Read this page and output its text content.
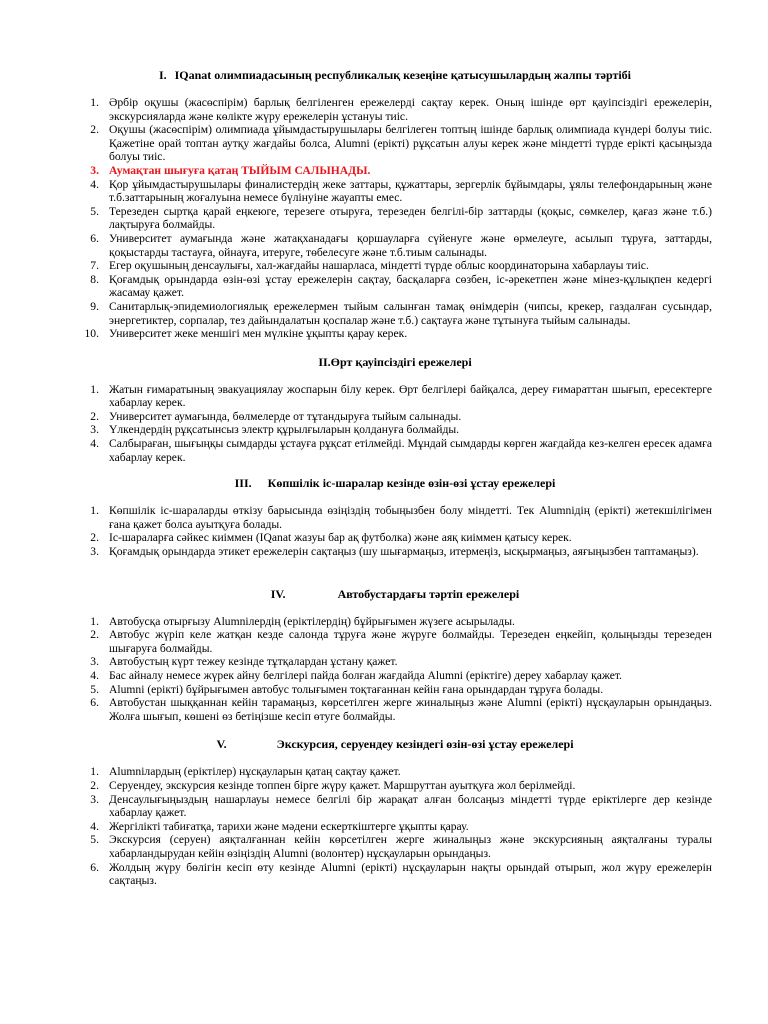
I. IQanat олимпиадасының республикалық кезеңіне қатысушылардың жалпы тәртібі
1. Әрбір оқушы (жасөспірім) барлық белгіленген ережелерді сақтау керек. Оның ішінде өрт қауіпсіздігі ережелерін, экскурсияларда және көлікте жүру ережелерін ұстануы тиіс.
2. Оқушы (жасөспірім) олимпиада ұйымдастырушылары белгілеген топтың ішінде барлық олимпиада күндері болуы тиіс. Қажетіне орай топтан аутқу жағдайы болса, Alumni (ерікті) рұқсатын алуы керек және міндетті түрде ерікті қасыңызда болуы тиіс.
3. Аумақтан шығуға қатаң ТЫЙЫМ САЛЫНАДЫ.
4. Қор ұйымдастырушылары финалистердің жеке заттары, құжаттары, зергерлік бұйымдары, ұялы телефондарының және т.б.заттарының жоғалуына немесе бүлінуіне жауапты емес.
5. Терезеден сыртқа қарай еңкеюге, терезеге отыруға, терезеден белгілі-бір заттарды (қоқыс, сөмкелер, қағаз және т.б.) лақтыруға болмайды.
6. Университет аумағында және жатақханадағы қоршауларға сүйенуге және өрмелеуге, асылып тұруға, заттарды, қоқыстарды тастауға, ойнауға, итеруге, төбелесуге және т.б.тиым салынады.
7. Егер оқушының денсаулығы, хал-жағдайы нашарласа, міндетті түрде облыс координаторына хабарлауы тиіс.
8. Қоғамдық орындарда өзін-өзі ұстау ережелерін сақтау, басқаларға сөзбен, іс-әрекетпен және мінез-құлықпен кедергі жасамау қажет.
9. Санитарлық-эпидемиологиялық ережелермен тыйым салынған тамақ өнімдерін (чипсы, крекер, газдалған сусындар, энергетиктер, сорпалар, тез дайындалатын қоспалар және т.б.) сақтауға және тұтынуға тыйым салынады.
10. Университет жеке меншігі мен мүлкіне ұқыпты қарау керек.
II. Өрт қауіпсіздігі ережелері
1. Жатын ғимаратының эвакуациялау жоспарын білу керек. Өрт белгілері байқалса, дереу ғимараттан шығып, ересектерге хабарлау керек.
2. Университет аумағында, бөлмелерде от тұтандыруға тыйым салынады.
3. Үлкендердің рұқсатынсыз электр құрылғыларын қолдануға болмайды.
4. Салбыраған, шығыңқы сымдарды ұстауға рұқсат етілмейді. Мұндай сымдарды көрген жағдайда кез-келген ересек адамға хабарлау керек.
III. Көпшілік іс-шаралар кезінде өзін-өзі ұстау ережелері
1. Көпшілік іс-шараларды өткізу барысында өзіңіздің тобыңызбен болу міндетті. Тек Alumniдің (ерікті) жетекшілігімен ғана қажет болса ауытқуға болады.
2. Іс-шараларға сәйкес киіммен (IQanat жазуы бар ақ футболка) және аяқ киіммен қатысу керек.
3. Қоғамдық орындарда этикет ережелерін сақтаңыз (шу шығармаңыз, итермеңіз, ысқырмаңыз, аяғыңызбен таптамаңыз).
IV.	Автобустардағы тәртіп ережелері
1. Автобусқа отырғызу Alumniлердің (еріктілердің) бұйрығымен жүзеге асырылады.
2. Автобус жүріп келе жатқан кезде салонда тұруға және жүруге болмайды. Терезеден еңкейіп, қолыңызды терезеден шығаруға болмайды.
3. Автобустың күрт тежеу кезінде тұтқалардан ұстану қажет.
4. Бас айналу немесе жүрек айну белгілері пайда болған жағдайда Alumni (ерiктiге) дереу хабарлау қажет.
5. Alumni (ерікті) бұйрығымен автобус толығымен тоқтағаннан кейін ғана орындардан тұруға болады.
6. Автобустан шыққаннан кейін тарамаңыз, көрсетілген жерге жиналыңыз және Alumni (ерікті) нұсқауларын орындаңыз. Жолға шығып, көшені өз бетіңізше кесіп өтуге болмайды.
V.	Экскурсия, серуендеу кезіндегі өзін-өзі ұстау ережелері
1. Alumniлардың (еріктілер) нұсқауларын қатаң сақтау қажет.
2. Серуендеу, экскурсия кезінде топпен бірге жүру қажет. Маршруттан ауытқуға жол берілмейді.
3. Денсаулығыңыздың нашарлауы немесе белгілі бір жарақат алған болсаңыз міндетті түрде еріктілерге дер кезінде хабарлау қажет.
4. Жергілікті табиғатқа, тарихи және мәдени ескерткіштерге ұқыпты қарау.
5. Экскурсия (серуен) аяқталғаннан кейін көрсетілген жерге жиналыңыз және экскурсияның аяқталғаны туралы хабарландырудан кейін өзіңіздің Alumni (волонтер) нұсқауларын орындаңыз.
6. Жолдың жүру бөлігін кесіп өту кезінде Alumni (ерікті) нұсқауларын нақты орындай отырып, жол жүру ережелерін сақтаңыз.
